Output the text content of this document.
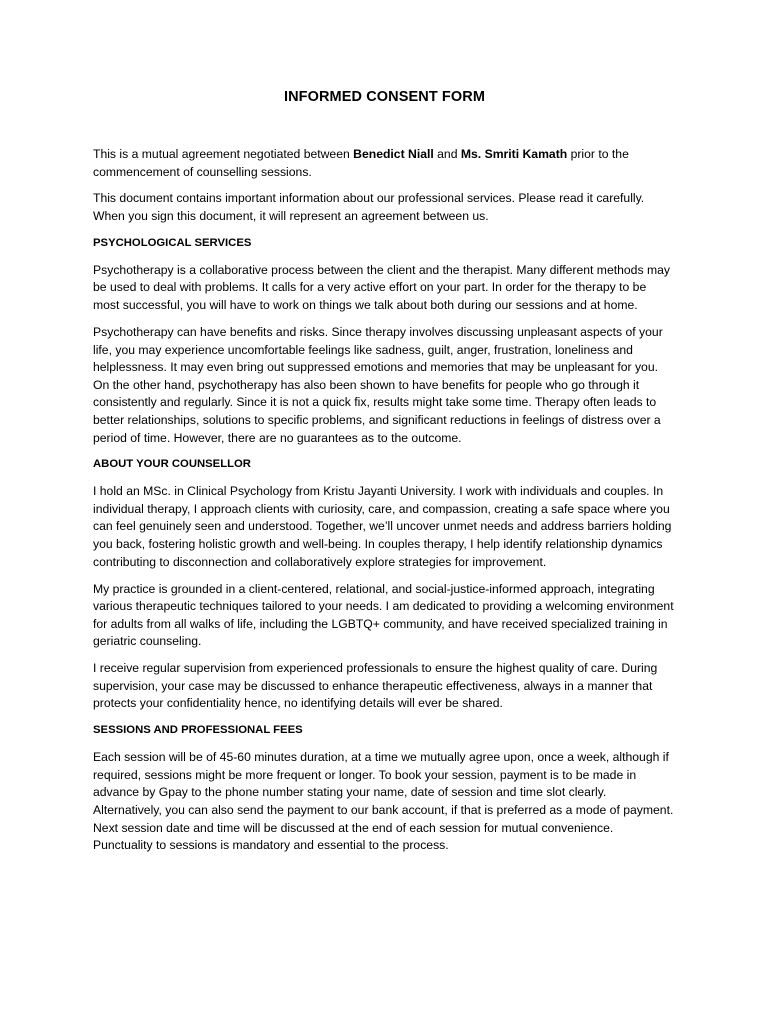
INFORMED CONSENT FORM

This is a mutual agreement negotiated between Benedict Niall and Ms. Smriti Kamath prior to the commencement of counselling sessions.

This document contains important information about our professional services. Please read it carefully. When you sign this document, it will represent an agreement between us.

PSYCHOLOGICAL SERVICES

Psychotherapy is a collaborative process between the client and the therapist. Many different methods may be used to deal with problems. It calls for a very active effort on your part. In order for the therapy to be most successful, you will have to work on things we talk about both during our sessions and at home.

Psychotherapy can have benefits and risks. Since therapy involves discussing unpleasant aspects of your life, you may experience uncomfortable feelings like sadness, guilt, anger, frustration, loneliness and helplessness. It may even bring out suppressed emotions and memories that may be unpleasant for you. On the other hand, psychotherapy has also been shown to have benefits for people who go through it consistently and regularly. Since it is not a quick fix, results might take some time. Therapy often leads to better relationships, solutions to specific problems, and significant reductions in feelings of distress over a period of time. However, there are no guarantees as to the outcome.

ABOUT YOUR COUNSELLOR

I hold an MSc. in Clinical Psychology from Kristu Jayanti University. I work with individuals and couples. In individual therapy, I approach clients with curiosity, care, and compassion, creating a safe space where you can feel genuinely seen and understood. Together, we’ll uncover unmet needs and address barriers holding you back, fostering holistic growth and well-being. In couples therapy, I help identify relationship dynamics contributing to disconnection and collaboratively explore strategies for improvement.

My practice is grounded in a client-centered, relational, and social-justice-informed approach, integrating various therapeutic techniques tailored to your needs. I am dedicated to providing a welcoming environment for adults from all walks of life, including the LGBTQ+ community, and have received specialized training in geriatric counseling.

I receive regular supervision from experienced professionals to ensure the highest quality of care. During supervision, your case may be discussed to enhance therapeutic effectiveness, always in a manner that protects your confidentiality hence, no identifying details will ever be shared.

SESSIONS AND PROFESSIONAL FEES

Each session will be of 45-60 minutes duration, at a time we mutually agree upon, once a week, although if required, sessions might be more frequent or longer. To book your session, payment is to be made in advance by Gpay to the phone number stating your name, date of session and time slot clearly. Alternatively, you can also send the payment to our bank account, if that is preferred as a mode of payment. Next session date and time will be discussed at the end of each session for mutual convenience. Punctuality to sessions is mandatory and essential to the process.
